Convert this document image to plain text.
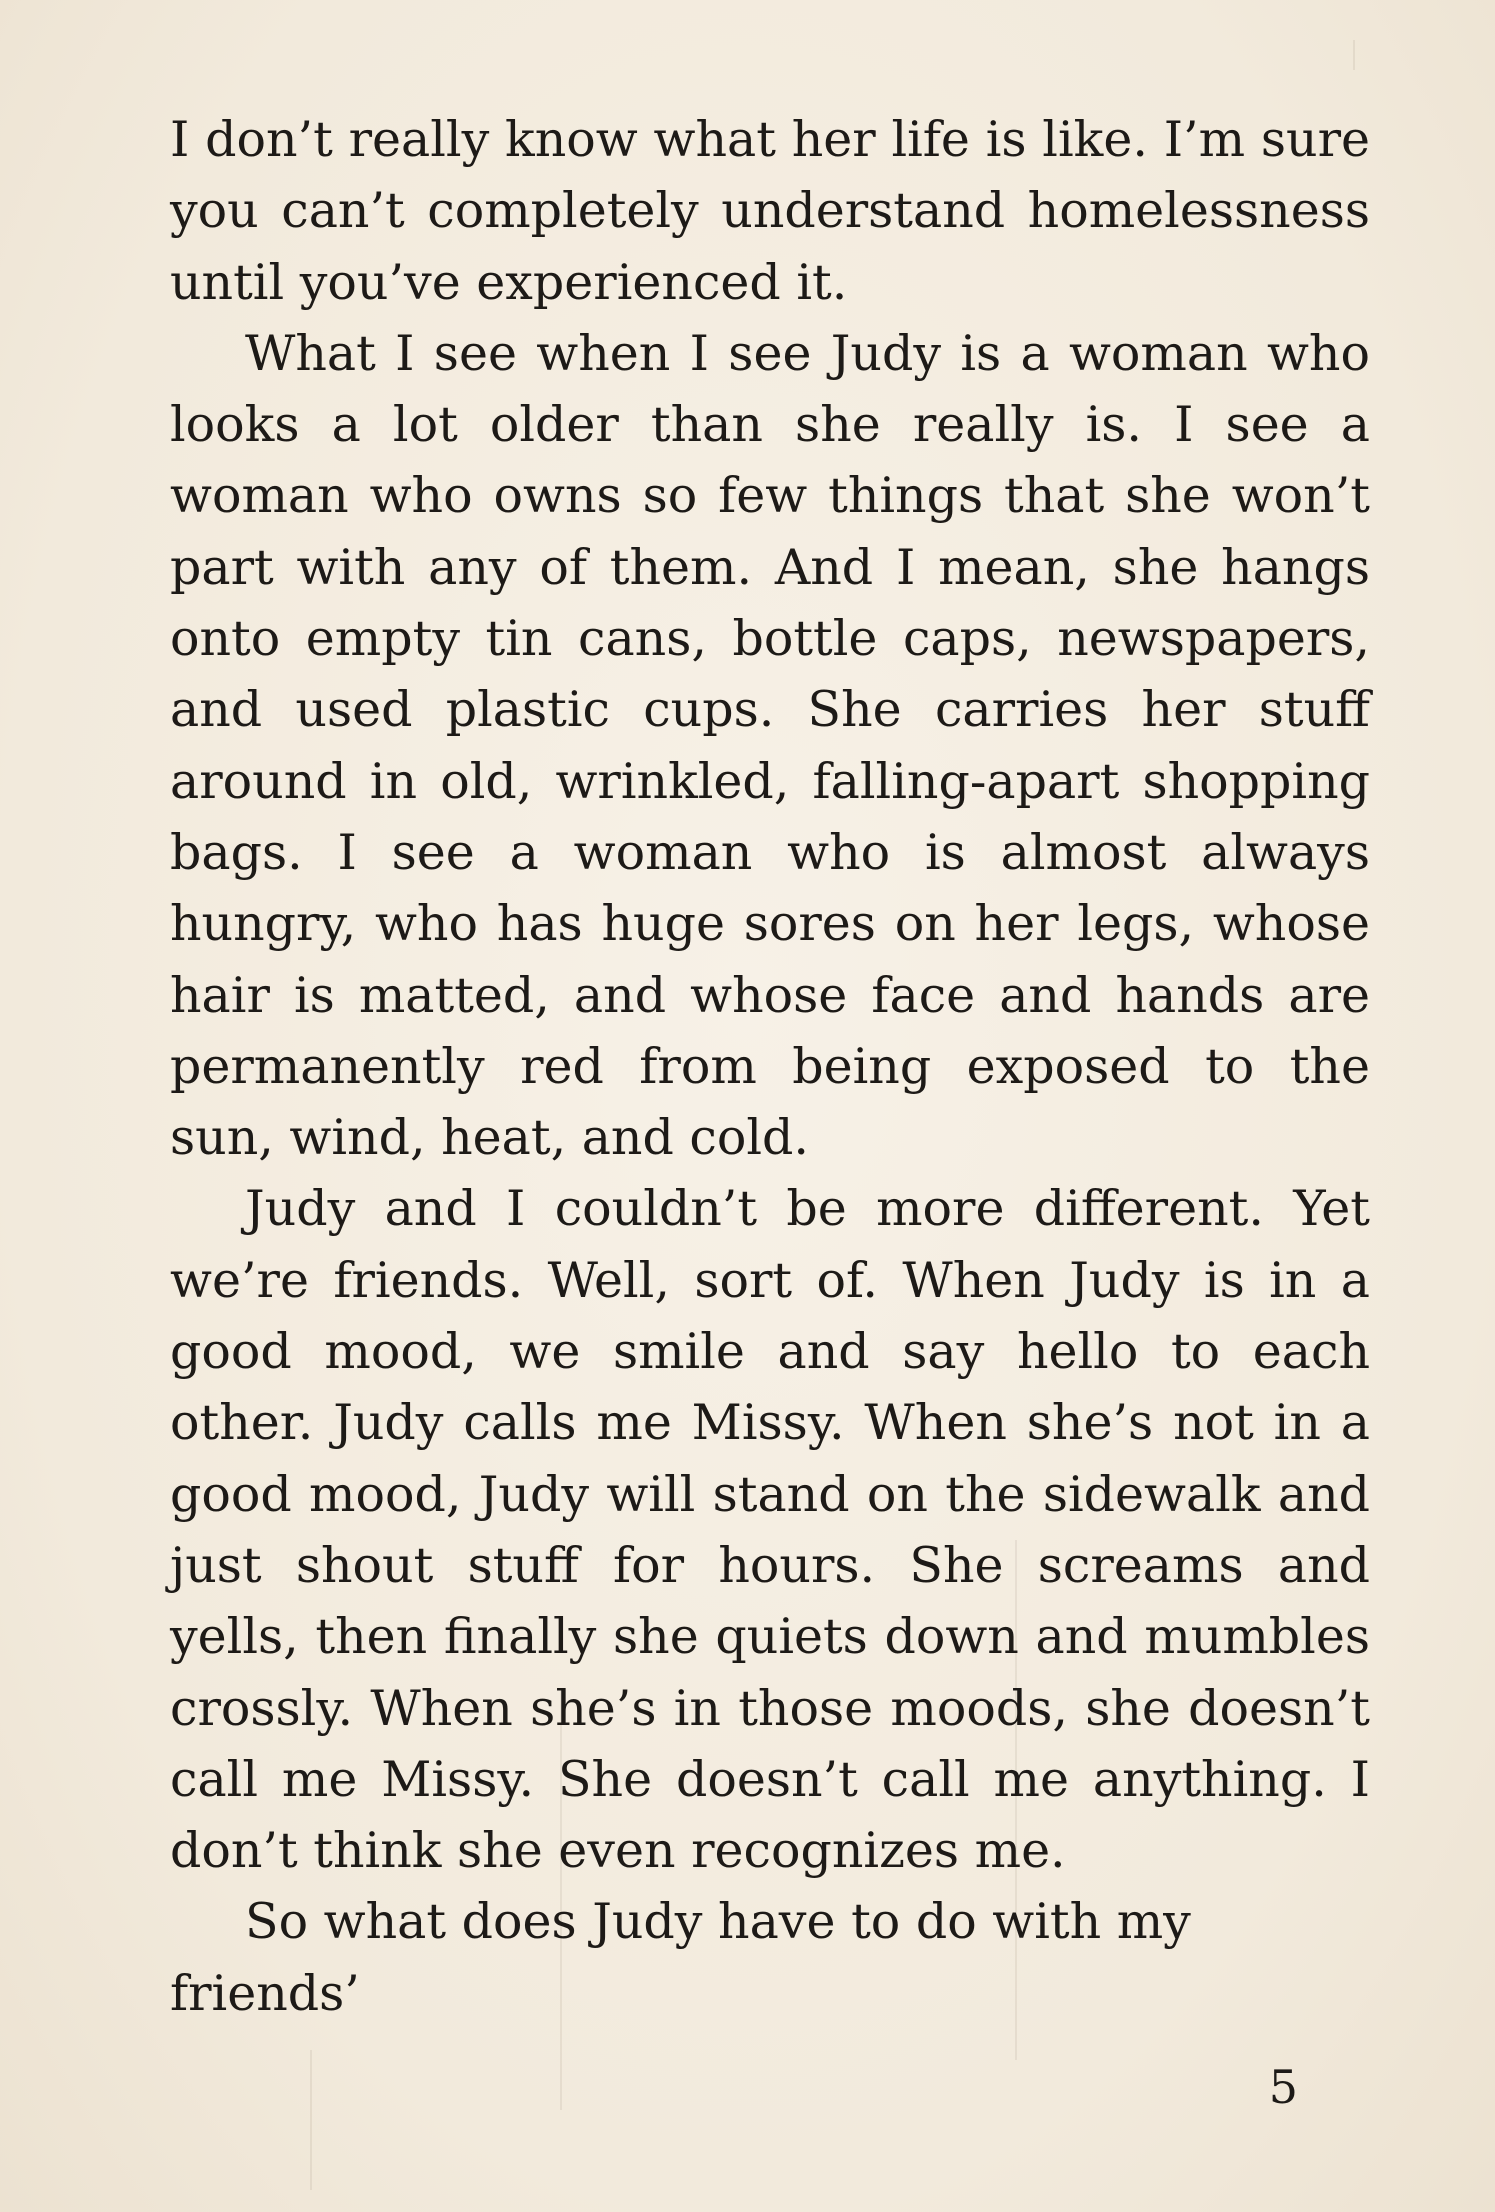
I don’t really know what her life is like. I’m sure you can’t completely understand homelessness until you’ve experienced it.

What I see when I see Judy is a woman who looks a lot older than she really is. I see a woman who owns so few things that she won’t part with any of them. And I mean, she hangs onto empty tin cans, bottle caps, newspapers, and used plastic cups. She carries her stuff around in old, wrinkled, falling-apart shopping bags. I see a woman who is almost always hungry, who has huge sores on her legs, whose hair is matted, and whose face and hands are permanently red from being exposed to the sun, wind, heat, and cold.

Judy and I couldn’t be more different. Yet we’re friends. Well, sort of. When Judy is in a good mood, we smile and say hello to each other. Judy calls me Missy. When she’s not in a good mood, Judy will stand on the sidewalk and just shout stuff for hours. She screams and yells, then finally she quiets down and mumbles crossly. When she’s in those moods, she doesn’t call me Missy. She doesn’t call me anything. I don’t think she even recognizes me.

So what does Judy have to do with my friends’

5
